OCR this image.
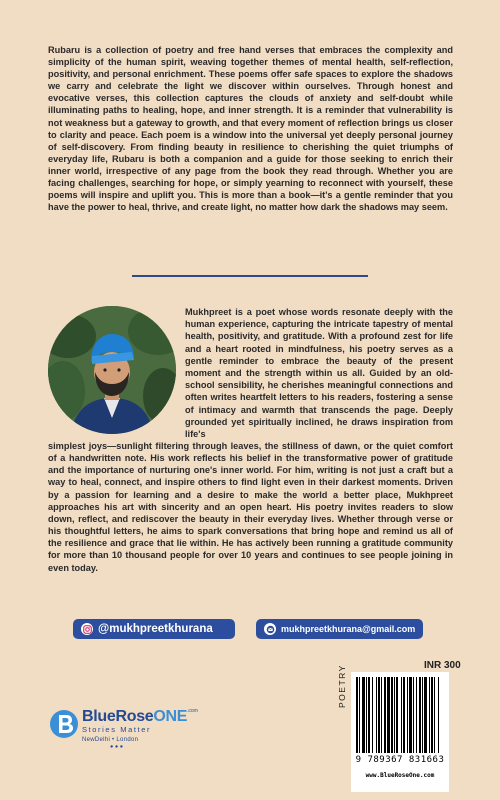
Rubaru is a collection of poetry and free hand verses that embraces the complexity and simplicity of the human spirit, weaving together themes of mental health, self-reflection, positivity, and personal enrichment. These poems offer safe spaces to explore the shadows we carry and celebrate the light we discover within ourselves. Through honest and evocative verses, this collection captures the clouds of anxiety and self-doubt while illuminating paths to healing, hope, and inner strength. It is a reminder that vulnerability is not weakness but a gateway to growth, and that every moment of reflection brings us closer to clarity and peace. Each poem is a window into the universal yet deeply personal journey of self-discovery. From finding beauty in resilience to cherishing the quiet triumphs of everyday life, Rubaru is both a companion and a guide for those seeking to enrich their inner world, irrespective of any page from the book they read through. Whether you are facing challenges, searching for hope, or simply yearning to reconnect with yourself, these poems will inspire and uplift you. This is more than a book—it's a gentle reminder that you have the power to heal, thrive, and create light, no matter how dark the shadows may seem.
Mukhpreet is a poet whose words resonate deeply with the human experience, capturing the intricate tapestry of mental health, positivity, and gratitude. With a profound zest for life and a heart rooted in mindfulness, his poetry serves as a gentle reminder to embrace the beauty of the present moment and the strength within us all. Guided by an old-school sensibility, he cherishes meaningful connections and often writes heartfelt letters to his readers, fostering a sense of intimacy and warmth that transcends the page. Deeply grounded yet spiritually inclined, he draws inspiration from life's
simplest joys—sunlight filtering through leaves, the stillness of dawn, or the quiet comfort of a handwritten note. His work reflects his belief in the transformative power of gratitude and the importance of nurturing one's inner world. For him, writing is not just a craft but a way to heal, connect, and inspire others to find light even in their darkest moments. Driven by a passion for learning and a desire to make the world a better place, Mukhpreet approaches his art with sincerity and an open heart. His poetry invites readers to slow down, reflect, and rediscover the beauty in their everyday lives. Whether through verse or his thoughtful letters, he aims to spark conversations that bring hope and remind us all of the resilience and grace that lie within. He has actively been running a gratitude community for more than 10 thousand people for over 10 years and continues to see people joining in even today.
@mukhpreetkhurana	mukhpreetkhurana@gmail.com
BlueRoseONE$^{.com}$
Stories Matter
NewDelhi • London
● ● ●
INR 300
POETRY
9 789367 831663
www.BlueRoseOne.com
